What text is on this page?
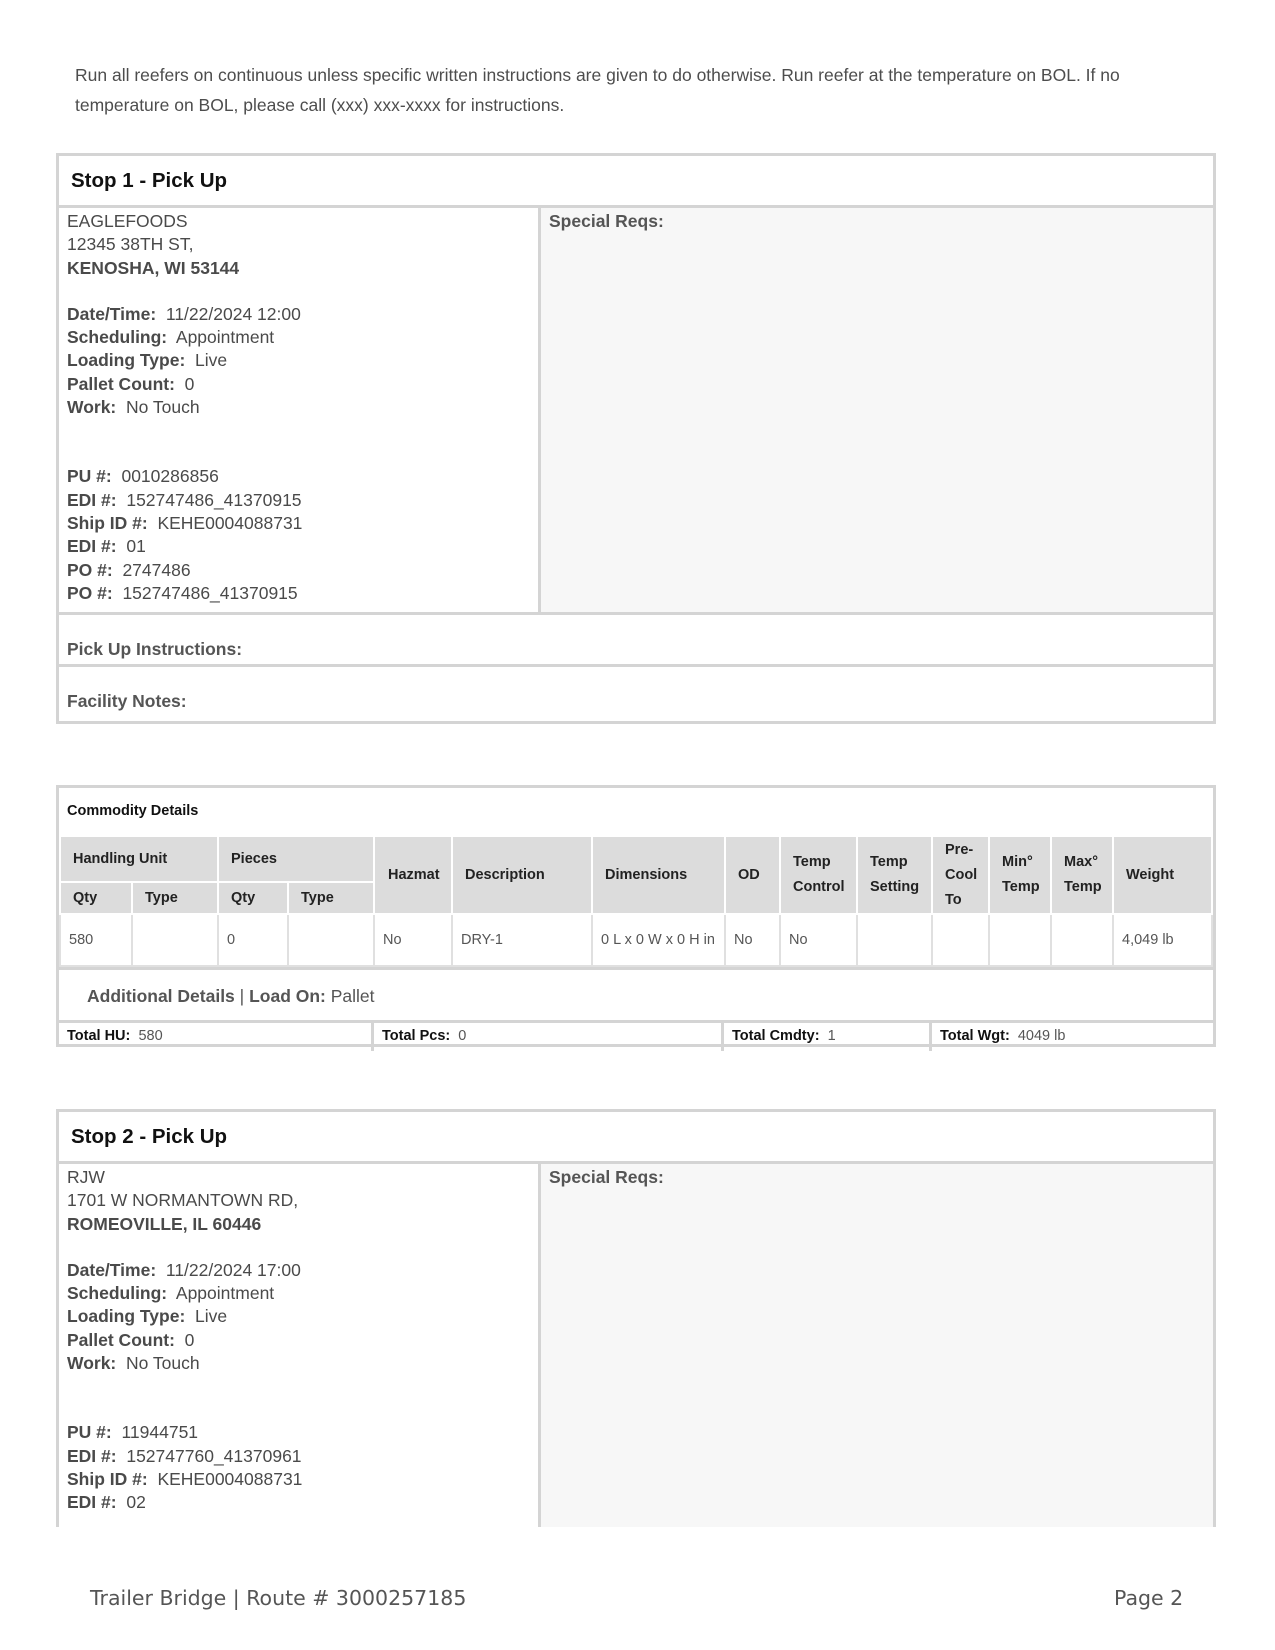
Run all reefers on continuous unless specific written instructions are given to do otherwise. Run reefer at the temperature on BOL. If no temperature on BOL, please call (xxx) xxx-xxxx for instructions.
Stop 1 - Pick Up
EAGLEFOODS
12345 38TH ST,
KENOSHA, WI 53144
Date/Time: 11/22/2024 12:00
Scheduling: Appointment
Loading Type: Live
Pallet Count: 0
Work: No Touch
PU #: 0010286856
EDI #: 152747486_41370915
Ship ID #: KEHE0004088731
EDI #: 01
PO #: 2747486
PO #: 152747486_41370915
Special Reqs:
Pick Up Instructions:
Facility Notes:
Commodity Details
Handling Unit		Pieces		Hazmat	Description	Dimensions	OD	Temp Control	Temp Setting	Pre-Cool To	Min° Temp	Max° Temp	Weight
Qty	Type	Qty	Type										
580		0		No	DRY-1	0 L x 0 W x 0 H in	No	No					4,049 lb
Additional Details | Load On: Pallet
Total HU: 580	Total Pcs: 0	Total Cmdty: 1	Total Wgt: 4049 lb
Stop 2 - Pick Up
RJW
1701 W NORMANTOWN RD,
ROMEOVILLE, IL 60446
Date/Time: 11/22/2024 17:00
Scheduling: Appointment
Loading Type: Live
Pallet Count: 0
Work: No Touch
PU #: 11944751
EDI #: 152747760_41370961
Ship ID #: KEHE0004088731
EDI #: 02
Special Reqs:
Trailer Bridge | Route # 3000257185	Page 2
